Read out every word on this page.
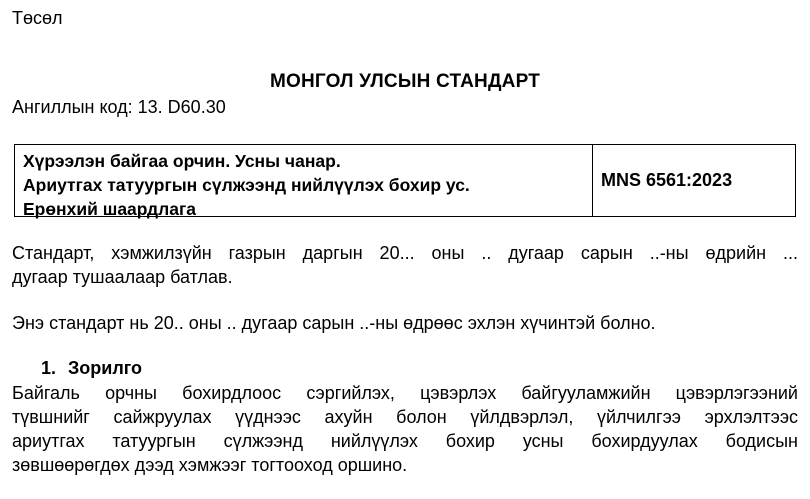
Төсөл
МОНГОЛ УЛСЫН СТАНДАРТ
Ангиллын код: 13. D60.30
Хүрээлэн байгаа орчин. Усны чанар.
Ариутгах татуургын сүлжээнд нийлүүлэх бохир ус.
Ерөнхий шаардлага
MNS 6561:2023
Стандарт, хэмжилзүйн газрын даргын 20... оны .. дугаар сарын ..-ны өдрийн ...
дугаар тушаалаар батлав.
Энэ стандарт нь 20.. оны .. дугаар сарын ..-ны өдрөөс эхлэн хүчинтэй болно.
1. Зорилго
Байгаль орчны бохирдлоос сэргийлэх, цэвэрлэх байгууламжийн цэвэрлэгээний
түвшнийг сайжруулах үүднээс ахуйн болон үйлдвэрлэл, үйлчилгээ эрхлэлтээс
ариутгах татуургын сүлжээнд нийлүүлэх бохир усны бохирдуулах бодисын
зөвшөөрөгдөх дээд хэмжээг тогтооход оршино.
